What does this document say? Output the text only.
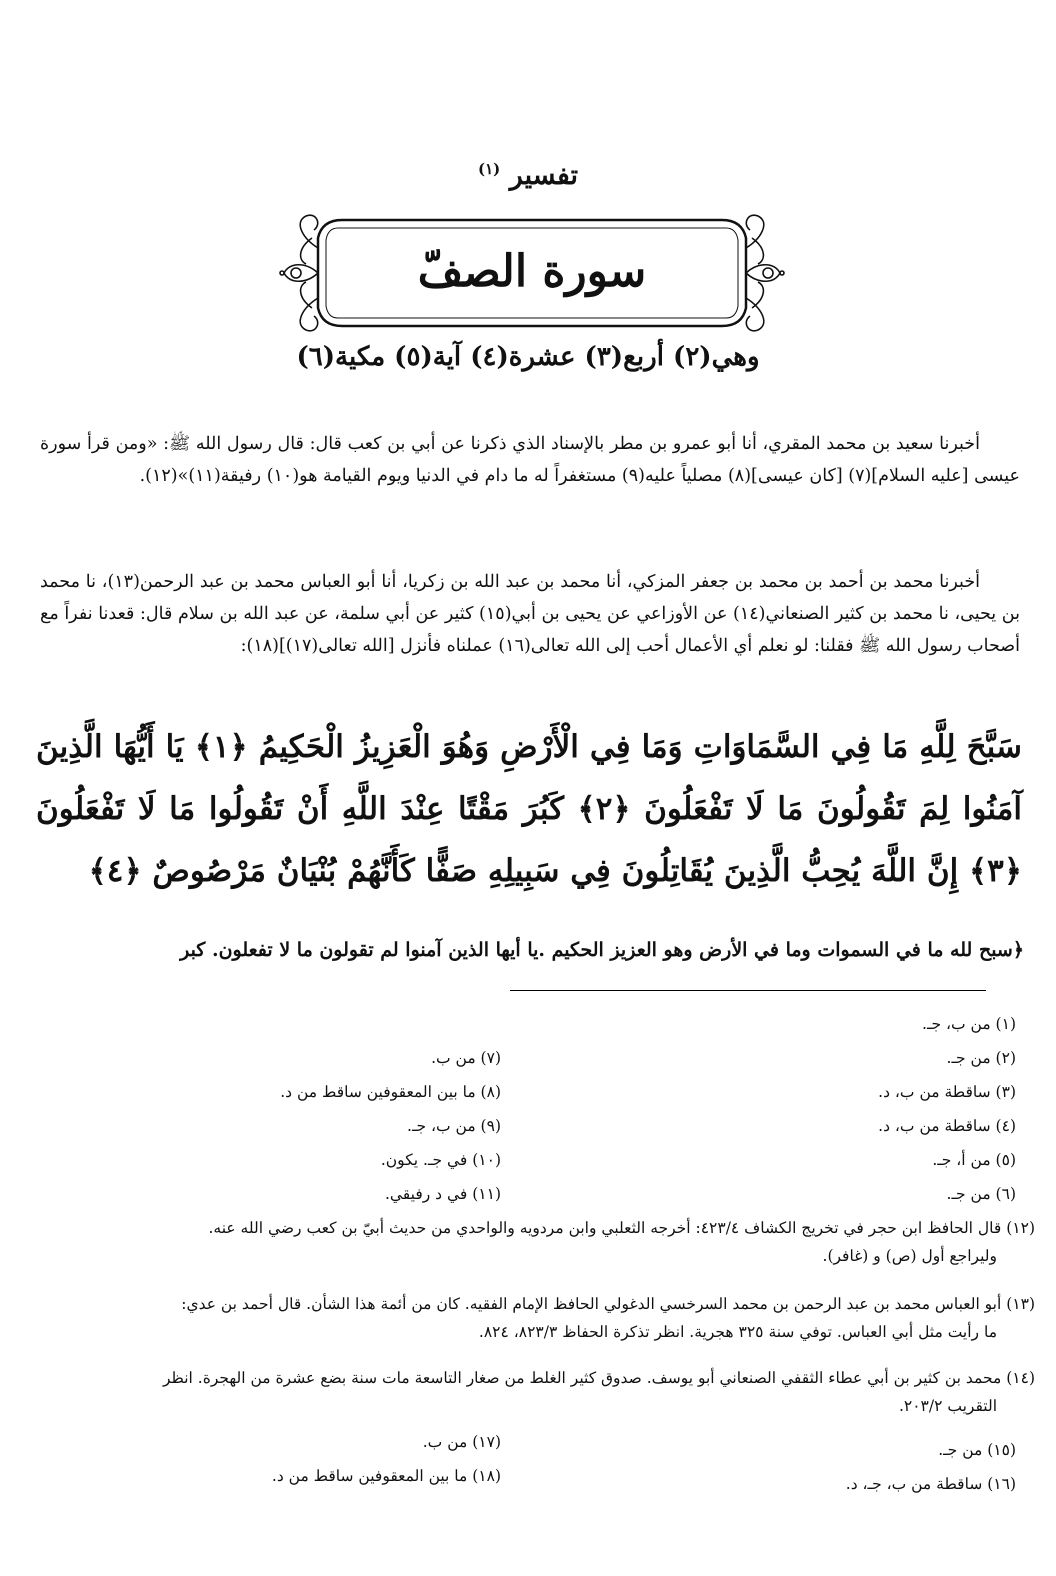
تفسير $^{(١)}$
سورة الصفّ
وهي(٢) أربع(٣) عشرة(٤) آية(٥) مكية(٦)
أخبرنا سعيد بن محمد المقري، أنا أبو عمرو بن مطر بالإسناد الذي ذكرنا عن أبي بن كعب قال: قال رسول الله ﷺ: «ومن قرأ سورة عيسى [عليه السلام](٧) [كان عيسى](٨) مصلياً عليه(٩) مستغفراً له ما دام في الدنيا ويوم القيامة هو(١٠) رفيقة(١١)»(١٢).
أخبرنا محمد بن أحمد بن محمد بن جعفر المزكي، أنا محمد بن عبد الله بن زكريا، أنا أبو العباس محمد بن عبد الرحمن(١٣)، نا محمد بن يحيى، نا محمد بن كثير الصنعاني(١٤) عن الأوزاعي عن يحيى بن أبي(١٥) كثير عن أبي سلمة، عن عبد الله بن سلام قال: قعدنا نفراً مع أصحاب رسول الله ﷺ فقلنا: لو نعلم أي الأعمال أحب إلى الله تعالى(١٦) عملناه فأنزل [الله تعالى(١٧)](١٨):
سَبَّحَ لِلَّهِ مَا فِي السَّمَاوَاتِ وَمَا فِي الْأَرْضِ وَهُوَ الْعَزِيزُ الْحَكِيمُ ﴿١﴾ يَا أَيُّهَا الَّذِينَ آمَنُوا لِمَ تَقُولُونَ مَا لَا تَفْعَلُونَ ﴿٢﴾ كَبُرَ مَقْتًا عِنْدَ اللَّهِ أَنْ تَقُولُوا مَا لَا تَفْعَلُونَ ﴿٣﴾ إِنَّ اللَّهَ يُحِبُّ الَّذِينَ يُقَاتِلُونَ فِي سَبِيلِهِ صَفًّا كَأَنَّهُمْ بُنْيَانٌ مَرْصُوصٌ ﴿٤﴾
﴿سبح لله ما في السموات وما في الأرض وهو العزيز الحكيم .يا أيها الذين آمنوا لم تقولون ما لا تفعلون. كبر
(١) من ب، جـ.
(٢) من جـ.
(٣) ساقطة من ب، د.
(٤) ساقطة من ب، د.
(٥) من أ، جـ.
(٦) من جـ.
(٧) من ب.
(٨) ما بين المعقوفين ساقط من د.
(٩) من ب، جـ.
(١٠) في جـ. يكون.
(١١) في د رفيقي.
(١٢) قال الحافظ ابن حجر في تخريج الكشاف ٤٢٣/٤: أخرجه الثعلبي وابن مردويه والواحدي من حديث أبيّ بن كعب رضي الله عنه.
وليراجع أول (ص) و (غافر).
(١٣) أبو العباس محمد بن عبد الرحمن بن محمد السرخسي الدغولي الحافظ الإمام الفقيه. كان من أئمة هذا الشأن. قال أحمد بن عدي:
ما رأيت مثل أبي العباس. توفي سنة ٣٢٥ هجرية. انظر تذكرة الحفاظ ٨٢٣/٣، ٨٢٤.
(١٤) محمد بن كثير بن أبي عطاء الثقفي الصنعاني أبو يوسف. صدوق كثير الغلط من صغار التاسعة مات سنة بضع عشرة من الهجرة. انظر
التقريب ٢٠٣/٢.
(١٥) من جـ.
(١٦) ساقطة من ب، جـ، د.
(١٧) من ب.
(١٨) ما بين المعقوفين ساقط من د.
